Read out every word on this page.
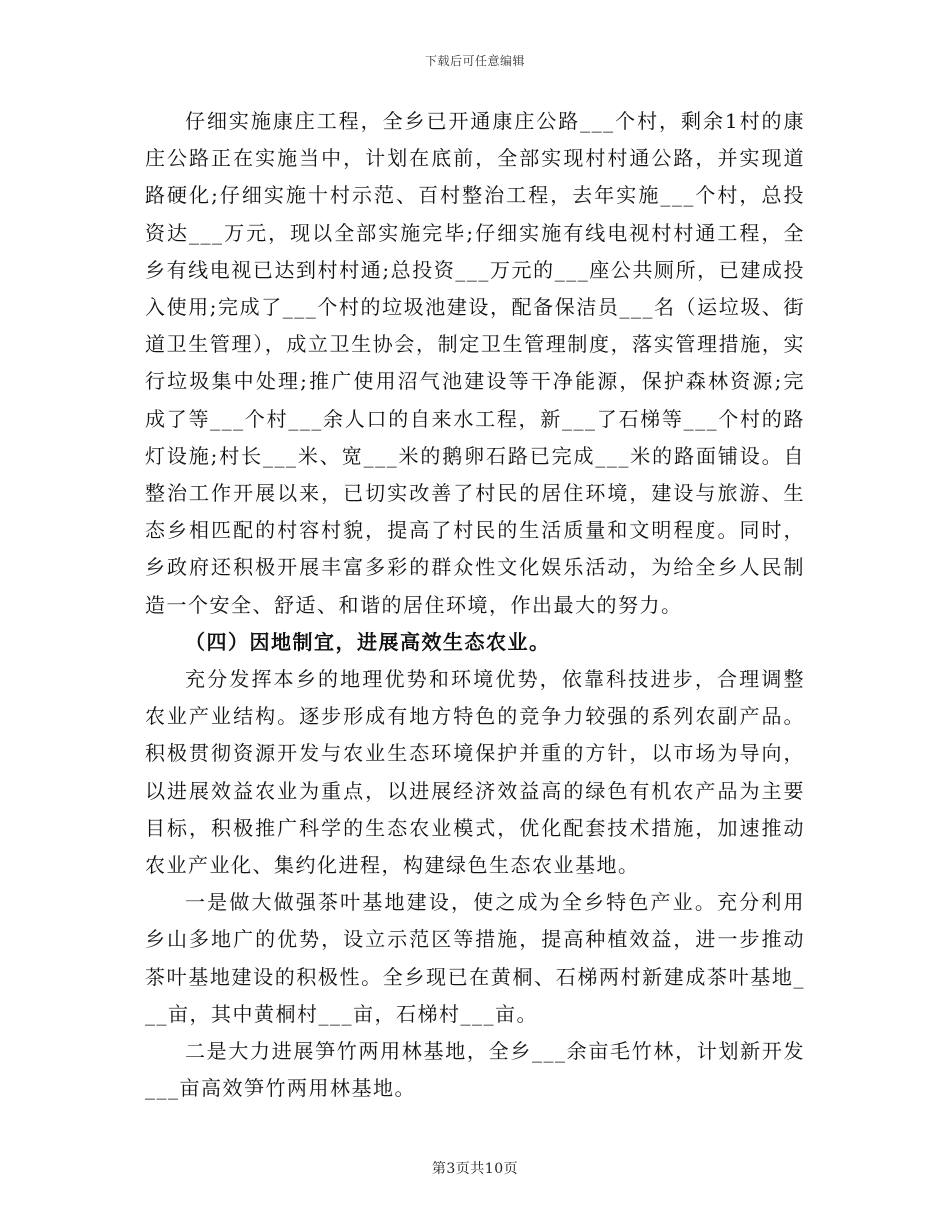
下载后可任意编辑

仔细实施康庄工程，全乡已开通康庄公路___个村，剩余1村的康庄公路正在实施当中，计划在底前，全部实现村村通公路，并实现道路硬化;仔细实施十村示范、百村整治工程，去年实施___个村，总投资达___万元，现以全部实施完毕;仔细实施有线电视村村通工程，全乡有线电视已达到村村通;总投资___万元的___座公共厕所，已建成投入使用;完成了___个村的垃圾池建设，配备保洁员___名（运垃圾、街道卫生管理），成立卫生协会，制定卫生管理制度，落实管理措施，实行垃圾集中处理;推广使用沼气池建设等干净能源，保护森林资源;完成了等___个村___余人口的自来水工程，新___了石梯等___个村的路灯设施;村长___米、宽___米的鹅卵石路已完成___米的路面铺设。自整治工作开展以来，已切实改善了村民的居住环境，建设与旅游、生态乡相匹配的村容村貌，提高了村民的生活质量和文明程度。同时，乡政府还积极开展丰富多彩的群众性文化娱乐活动，为给全乡人民制造一个安全、舒适、和谐的居住环境，作出最大的努力。

（四）因地制宜，进展高效生态农业。

充分发挥本乡的地理优势和环境优势，依靠科技进步，合理调整农业产业结构。逐步形成有地方特色的竞争力较强的系列农副产品。积极贯彻资源开发与农业生态环境保护并重的方针，以市场为导向，以进展效益农业为重点，以进展经济效益高的绿色有机农产品为主要目标，积极推广科学的生态农业模式，优化配套技术措施，加速推动农业产业化、集约化进程，构建绿色生态农业基地。

一是做大做强茶叶基地建设，使之成为全乡特色产业。充分利用乡山多地广的优势，设立示范区等措施，提高种植效益，进一步推动茶叶基地建设的积极性。全乡现已在黄桐、石梯两村新建成茶叶基地___亩，其中黄桐村___亩，石梯村___亩。

二是大力进展笋竹两用林基地，全乡___余亩毛竹林，计划新开发___亩高效笋竹两用林基地。

第3页共10页
